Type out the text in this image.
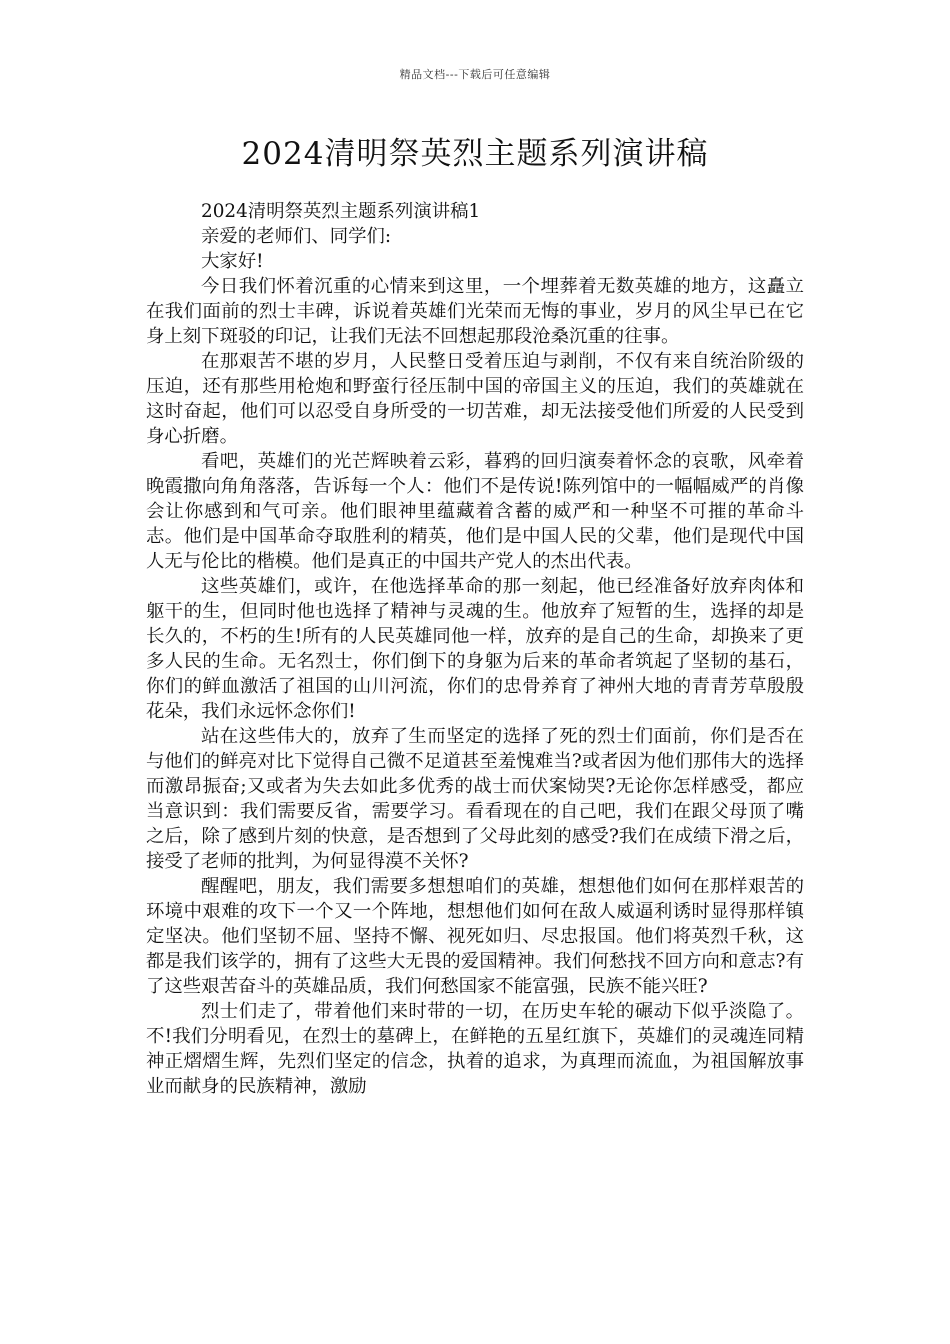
精品文档---下载后可任意编辑
2024清明祭英烈主题系列演讲稿

2024清明祭英烈主题系列演讲稿1

亲爱的老师们、同学们:

大家好!

今日我们怀着沉重的心情来到这里，一个埋葬着无数英雄的地方，这矗立在我们面前的烈士丰碑，诉说着英雄们光荣而无悔的事业，岁月的风尘早已在它身上刻下斑驳的印记，让我们无法不回想起那段沧桑沉重的往事。

在那艰苦不堪的岁月，人民整日受着压迫与剥削，不仅有来自统治阶级的压迫，还有那些用枪炮和野蛮行径压制中国的帝国主义的压迫，我们的英雄就在这时奋起，他们可以忍受自身所受的一切苦难，却无法接受他们所爱的人民受到身心折磨。

看吧，英雄们的光芒辉映着云彩，暮鸦的回归演奏着怀念的哀歌，风牵着晚霞撒向角角落落，告诉每一个人：他们不是传说!陈列馆中的一幅幅威严的肖像会让你感到和气可亲。他们眼神里蕴藏着含蓄的威严和一种坚不可摧的革命斗志。他们是中国革命夺取胜利的精英，他们是中国人民的父辈，他们是现代中国人无与伦比的楷模。他们是真正的中国共产党人的杰出代表。

这些英雄们，或许，在他选择革命的那一刻起，他已经准备好放弃肉体和躯干的生，但同时他也选择了精神与灵魂的生。他放弃了短暂的生，选择的却是长久的，不朽的生!所有的人民英雄同他一样，放弃的是自己的生命，却换来了更多人民的生命。无名烈士，你们倒下的身躯为后来的革命者筑起了坚韧的基石，你们的鲜血激活了祖国的山川河流，你们的忠骨养育了神州大地的青青芳草殷殷花朵，我们永远怀念你们!

站在这些伟大的，放弃了生而坚定的选择了死的烈士们面前，你们是否在与他们的鲜亮对比下觉得自己微不足道甚至羞愧难当?或者因为他们那伟大的选择而激昂振奋;又或者为失去如此多优秀的战士而伏案恸哭?无论你怎样感受，都应当意识到：我们需要反省，需要学习。看看现在的自己吧，我们在跟父母顶了嘴之后，除了感到片刻的快意，是否想到了父母此刻的感受?我们在成绩下滑之后，接受了老师的批判，为何显得漠不关怀?

醒醒吧，朋友，我们需要多想想咱们的英雄，想想他们如何在那样艰苦的环境中艰难的攻下一个又一个阵地，想想他们如何在敌人威逼利诱时显得那样镇定坚决。他们坚韧不屈、坚持不懈、视死如归、尽忠报国。他们将英烈千秋，这都是我们该学的，拥有了这些大无畏的爱国精神。我们何愁找不回方向和意志?有了这些艰苦奋斗的英雄品质，我们何愁国家不能富强，民族不能兴旺?

烈士们走了，带着他们来时带的一切，在历史车轮的碾动下似乎淡隐了。不!我们分明看见，在烈士的墓碑上，在鲜艳的五星红旗下，英雄们的灵魂连同精神正熠熠生辉，先烈们坚定的信念，执着的追求，为真理而流血，为祖国解放事业而献身的民族精神，激励
